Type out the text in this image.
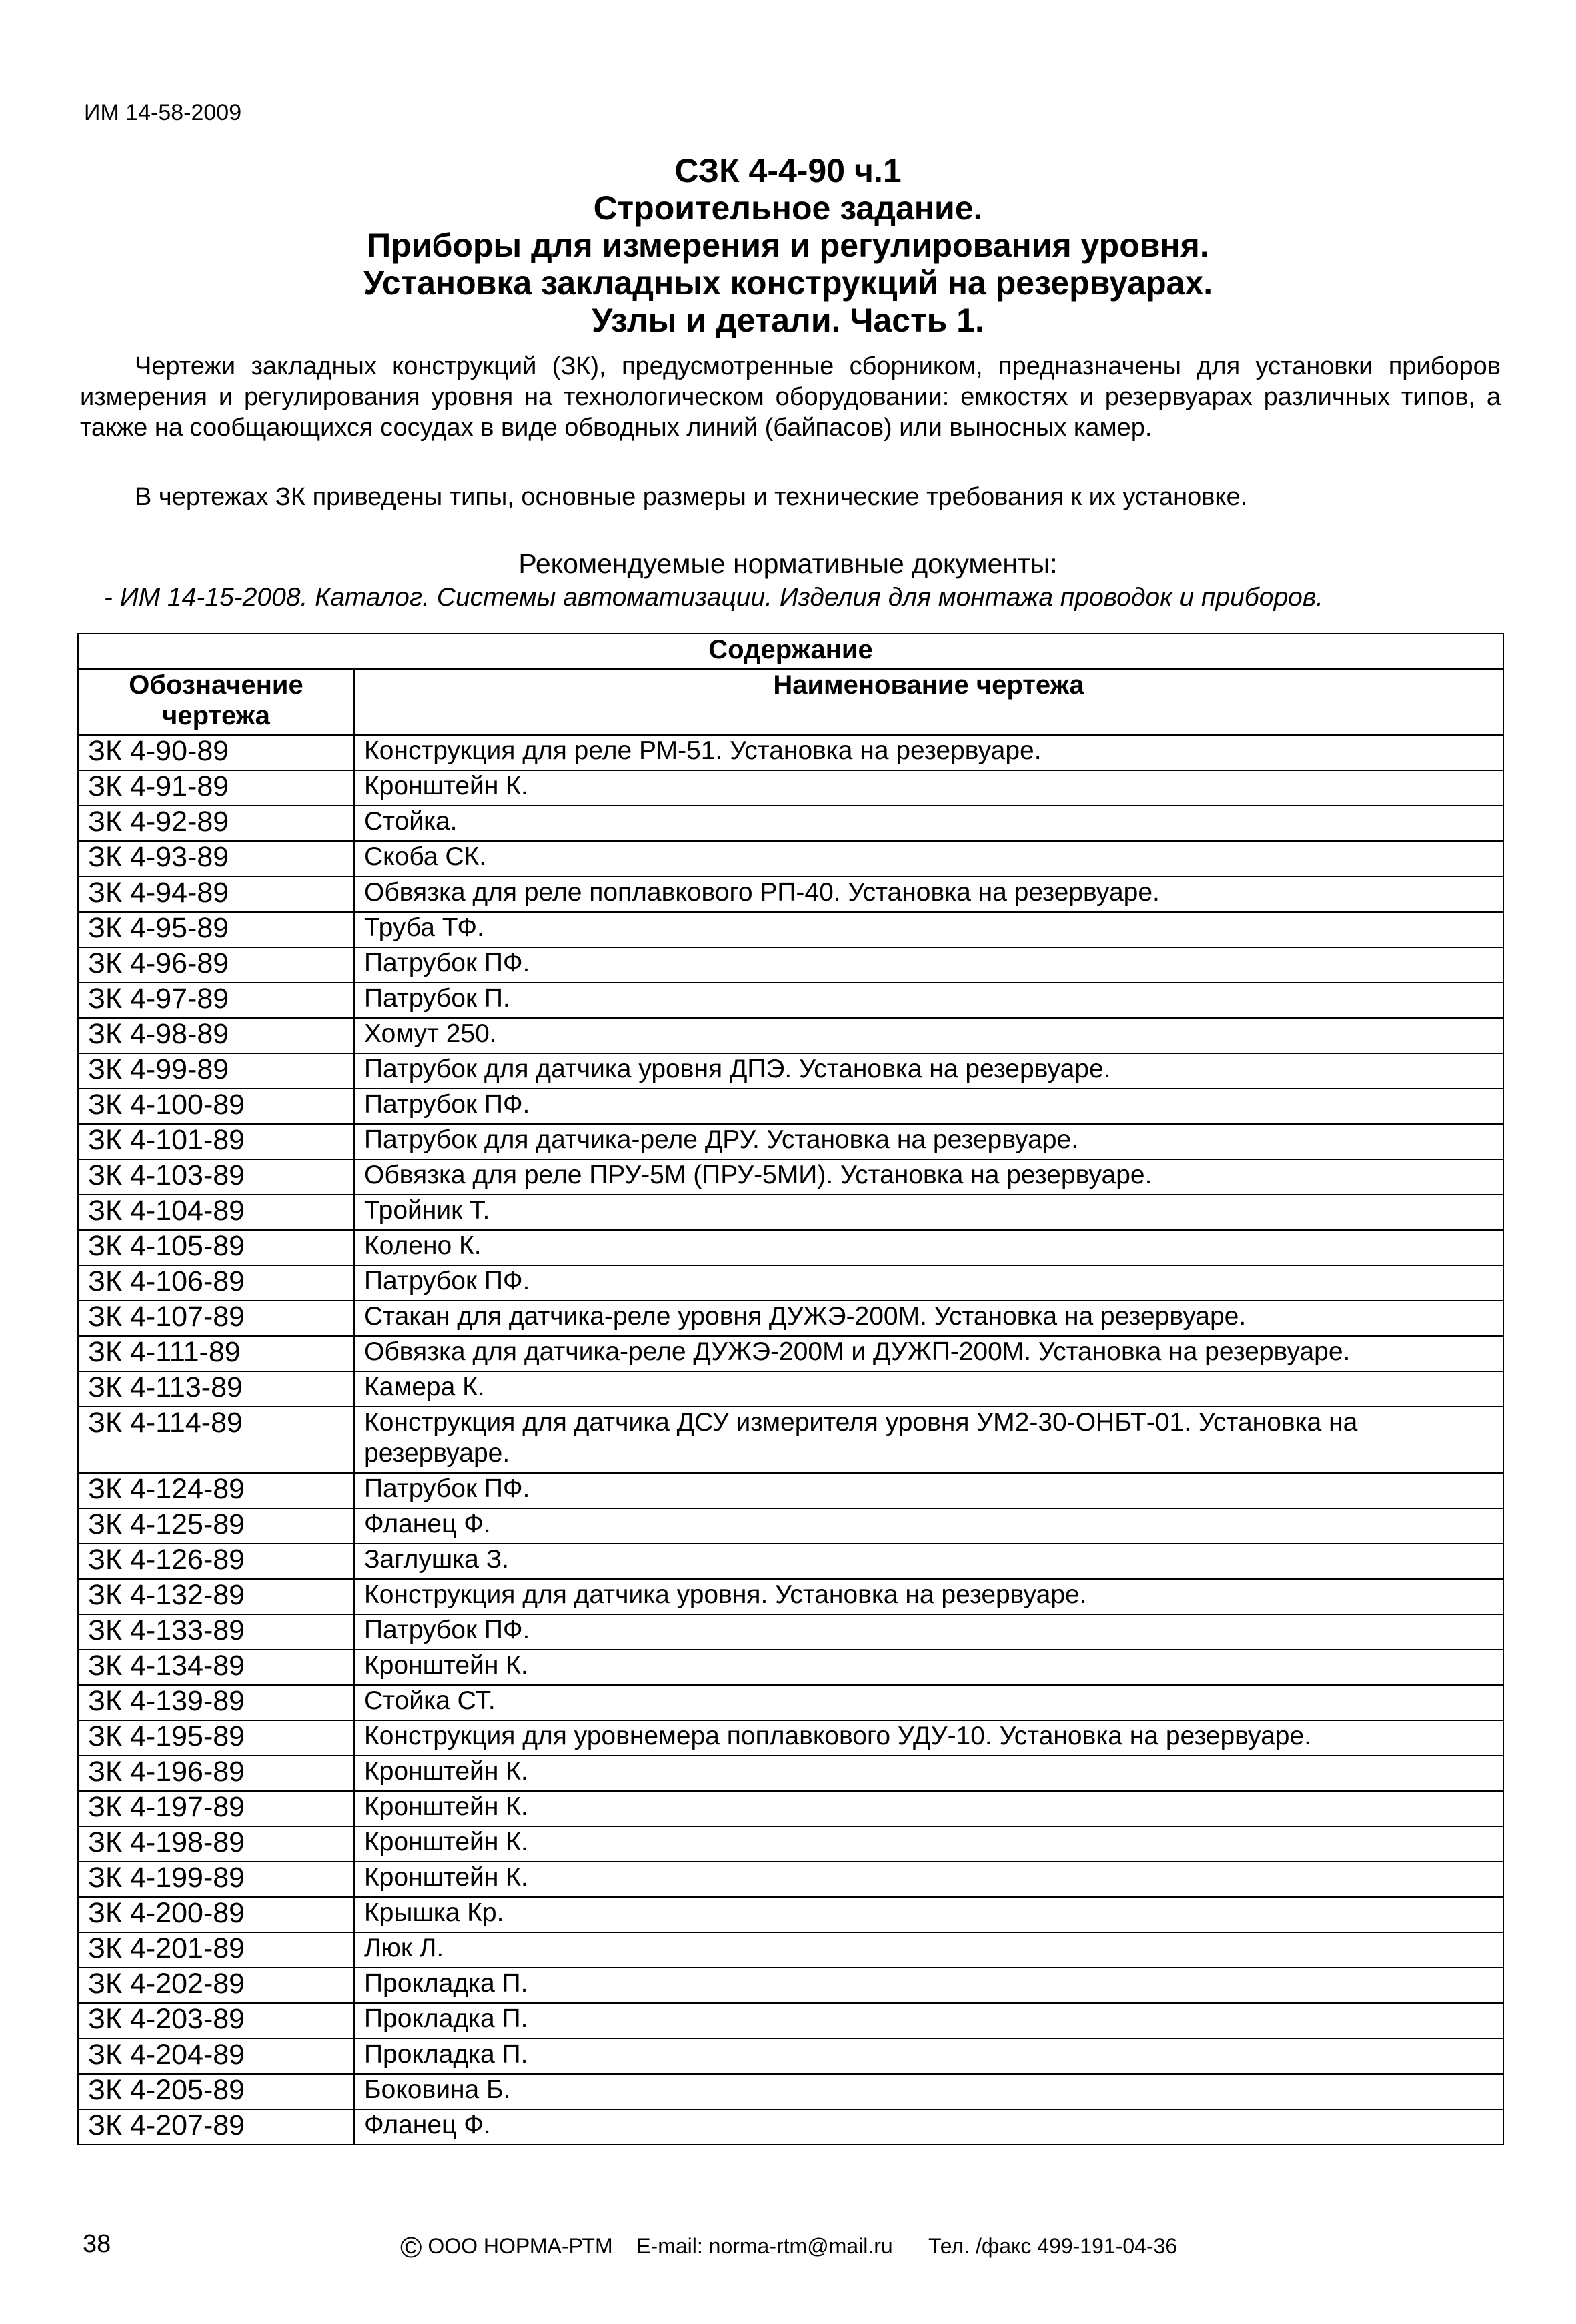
ИМ 14-58-2009
СЗК 4-4-90 ч.1
Строительное задание.
Приборы для измерения и регулирования уровня.
Установка закладных конструкций на резервуарах.
Узлы и детали. Часть 1.
Чертежи закладных конструкций (ЗК), предусмотренные сборником, предназначены для установки приборов измерения и регулирования уровня на технологическом оборудовании: емкостях и резервуарах различных типов, а также на сообщающихся сосудах в виде обводных линий (байпасов) или выносных камер.
В чертежах ЗК приведены типы, основные размеры и технические требования к их установке.
Рекомендуемые нормативные документы:
- ИМ 14-15-2008. Каталог. Системы автоматизации. Изделия для монтажа проводок и приборов.
Содержание	
Обозначение чертежа	Наименование чертежа
ЗК 4-90-89	Конструкция для реле РМ-51. Установка на резервуаре.
ЗК 4-91-89	Кронштейн К.
ЗК 4-92-89	Стойка.
ЗК 4-93-89	Скоба СК.
ЗК 4-94-89	Обвязка для реле поплавкового РП-40. Установка на резервуаре.
ЗК 4-95-89	Труба ТФ.
ЗК 4-96-89	Патрубок ПФ.
ЗК 4-97-89	Патрубок П.
ЗК 4-98-89	Хомут 250.
ЗК 4-99-89	Патрубок для датчика уровня ДПЭ. Установка на резервуаре.
ЗК 4-100-89	Патрубок ПФ.
ЗК 4-101-89	Патрубок для датчика-реле ДРУ. Установка на резервуаре.
ЗК 4-103-89	Обвязка для реле ПРУ-5М (ПРУ-5МИ). Установка на резервуаре.
ЗК 4-104-89	Тройник Т.
ЗК 4-105-89	Колено К.
ЗК 4-106-89	Патрубок ПФ.
ЗК 4-107-89	Стакан для датчика-реле уровня ДУЖЭ-200М. Установка на резервуаре.
ЗК 4-111-89	Обвязка для датчика-реле ДУЖЭ-200М и ДУЖП-200М. Установка на резервуаре.
ЗК 4-113-89	Камера К.
ЗК 4-114-89	Конструкция для датчика ДСУ измерителя уровня УМ2-30-ОНБТ-01. Установка на резервуаре.
ЗК 4-124-89	Патрубок ПФ.
ЗК 4-125-89	Фланец Ф.
ЗК 4-126-89	Заглушка З.
ЗК 4-132-89	Конструкция для датчика уровня. Установка на резервуаре.
ЗК 4-133-89	Патрубок ПФ.
ЗК 4-134-89	Кронштейн К.
ЗК 4-139-89	Стойка СТ.
ЗК 4-195-89	Конструкция для уровнемера поплавкового УДУ-10. Установка на резервуаре.
ЗК 4-196-89	Кронштейн К.
ЗК 4-197-89	Кронштейн К.
ЗК 4-198-89	Кронштейн К.
ЗК 4-199-89	Кронштейн К.
ЗК 4-200-89	Крышка Кр.
ЗК 4-201-89	Люк Л.
ЗК 4-202-89	Прокладка П.
ЗК 4-203-89	Прокладка П.
ЗК 4-204-89	Прокладка П.
ЗК 4-205-89	Боковина Б.
ЗК 4-207-89	Фланец Ф.
38	© ООО НОРМА-РТМ E-mail: norma-rtm@mail.ru Тел. /факс 499-191-04-36
